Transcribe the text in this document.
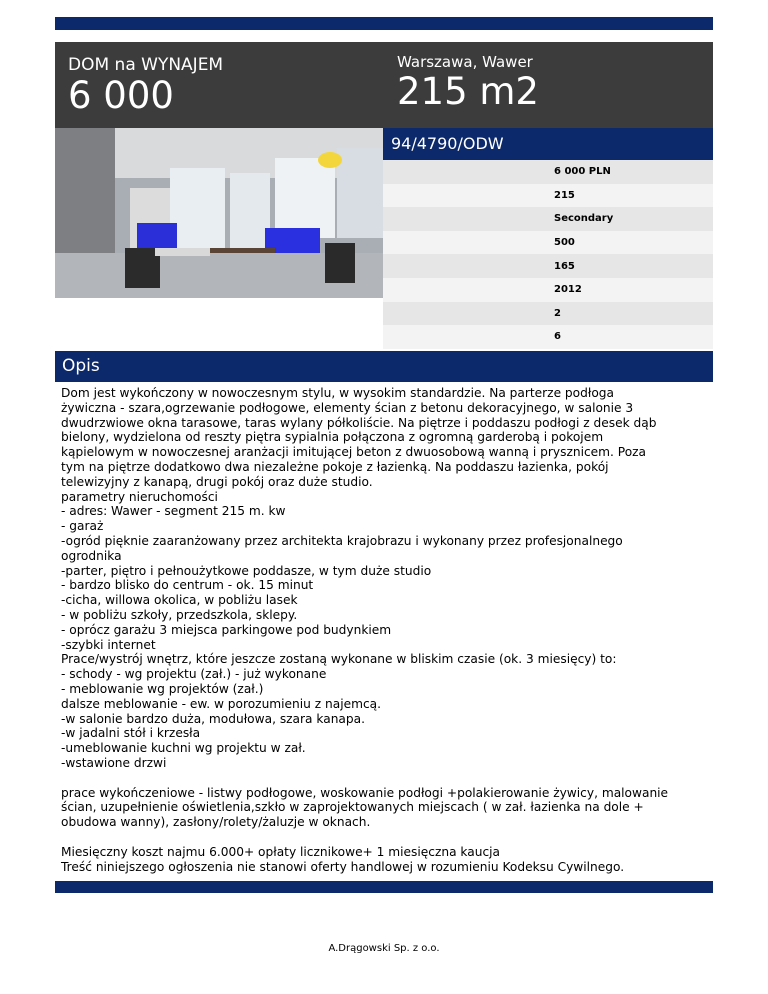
DOM na WYNAJEM
6 000
Warszawa, Wawer
215 m2
94/4790/ODW
6 000 PLN
215
Secondary
500
165
2012
2
6
Opis

Dom jest wykończony w nowoczesnym stylu, w wysokim standardzie. Na parterze podłoga

żywiczna - szara,ogrzewanie podłogowe, elementy ścian z betonu dekoracyjnego, w salonie 3

dwudrzwiowe okna tarasowe, taras wylany półkoliście. Na piętrze i poddaszu podłogi z desek dąb

bielony, wydzielona od reszty piętra sypialnia połączona z ogromną garderobą i pokojem

kąpielowym w nowoczesnej aranżacji imitującej beton z dwuosobową wanną i prysznicem. Poza

tym na piętrze dodatkowo dwa niezależne pokoje z łazienką. Na poddaszu łazienka, pokój

telewizyjny z kanapą, drugi pokój oraz duże studio.

parametry nieruchomości

- adres: Wawer - segment 215 m. kw

- garaż

-ogród pięknie zaaranżowany przez architekta krajobrazu i wykonany przez profesjonalnego

ogrodnika

-parter, piętro i pełnoużytkowe poddasze, w tym duże studio

- bardzo blisko do centrum - ok. 15 minut

-cicha, willowa okolica, w pobliżu lasek

- w pobliżu szkoły, przedszkola, sklepy.

- oprócz garażu 3 miejsca parkingowe pod budynkiem

-szybki internet

Prace/wystrój wnętrz, które jeszcze zostaną wykonane w bliskim czasie (ok. 3 miesięcy) to:

- schody - wg projektu (zał.) - już wykonane

- meblowanie wg projektów (zał.)

dalsze meblowanie - ew. w porozumieniu z najemcą.

-w salonie bardzo duża, modułowa, szara kanapa.

-w jadalni stół i krzesła

-umeblowanie kuchni wg projektu w zał.

-wstawione drzwi

prace wykończeniowe - listwy podłogowe, woskowanie podłogi +polakierowanie żywicy, malowanie

ścian, uzupełnienie oświetlenia,szkło w zaprojektowanych miejscach ( w zał. łazienka na dole +

obudowa wanny), zasłony/rolety/żaluzje w oknach.

Miesięczny koszt najmu 6.000+ opłaty licznikowe+ 1 miesięczna kaucja

Treść niniejszego ogłoszenia nie stanowi oferty handlowej w rozumieniu Kodeksu Cywilnego.

A.Drągowski Sp. z o.o.
